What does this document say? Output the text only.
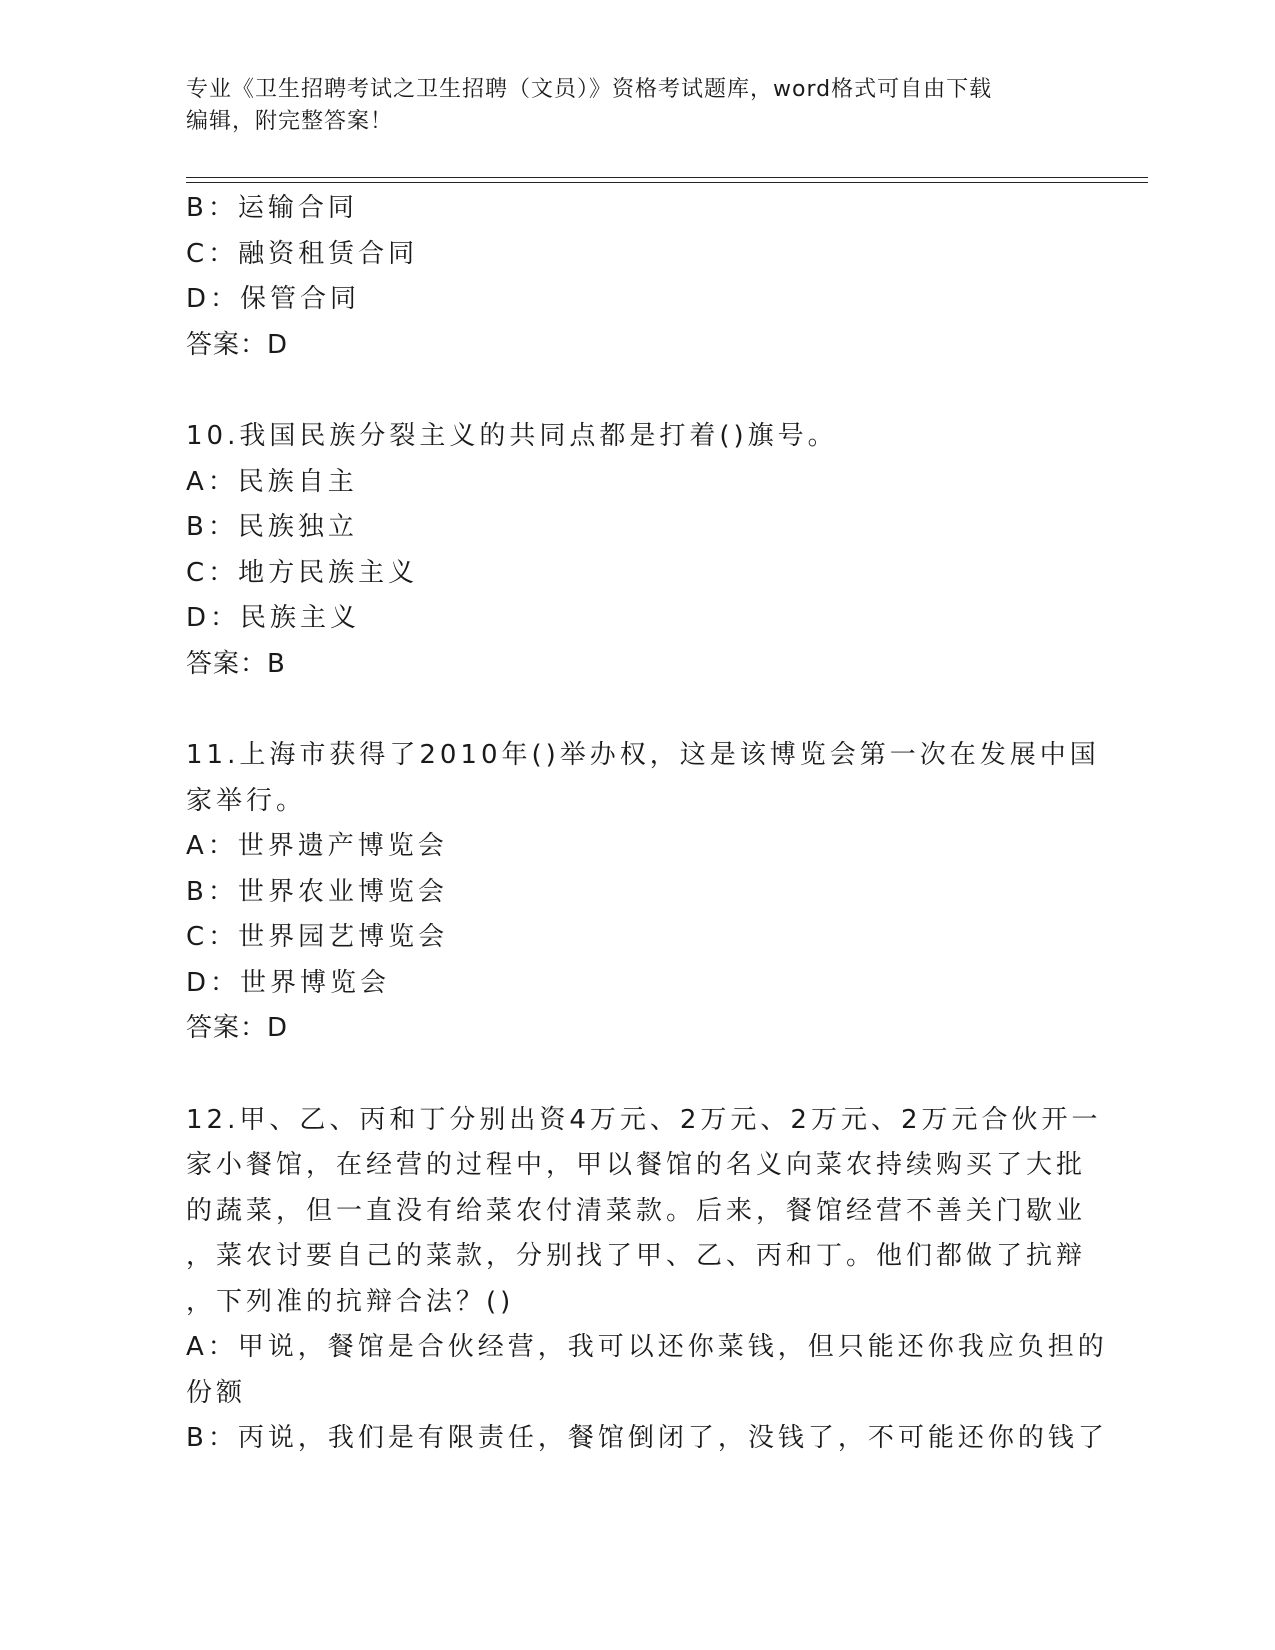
专业《卫生招聘考试之卫生招聘（文员）》资格考试题库，word格式可自由下载
编辑，附完整答案！
B：运输合同
C：融资租赁合同
D：保管合同
答案：D
10.我国民族分裂主义的共同点都是打着()旗号。
A：民族自主
B：民族独立
C：地方民族主义
D：民族主义
答案：B
11.上海市获得了2010年()举办权，这是该博览会第一次在发展中国
家举行。
A：世界遗产博览会
B：世界农业博览会
C：世界园艺博览会
D：世界博览会
答案：D
12.甲、乙、丙和丁分别出资4万元、2万元、2万元、2万元合伙开一
家小餐馆，在经营的过程中，甲以餐馆的名义向菜农持续购买了大批
的蔬菜，但一直没有给菜农付清菜款。后来，餐馆经营不善关门歇业
，菜农讨要自己的菜款，分别找了甲、乙、丙和丁。他们都做了抗辩
，下列准的抗辩合法？()
A：甲说，餐馆是合伙经营，我可以还你菜钱，但只能还你我应负担的
份额
B：丙说，我们是有限责任，餐馆倒闭了，没钱了，不可能还你的钱了
